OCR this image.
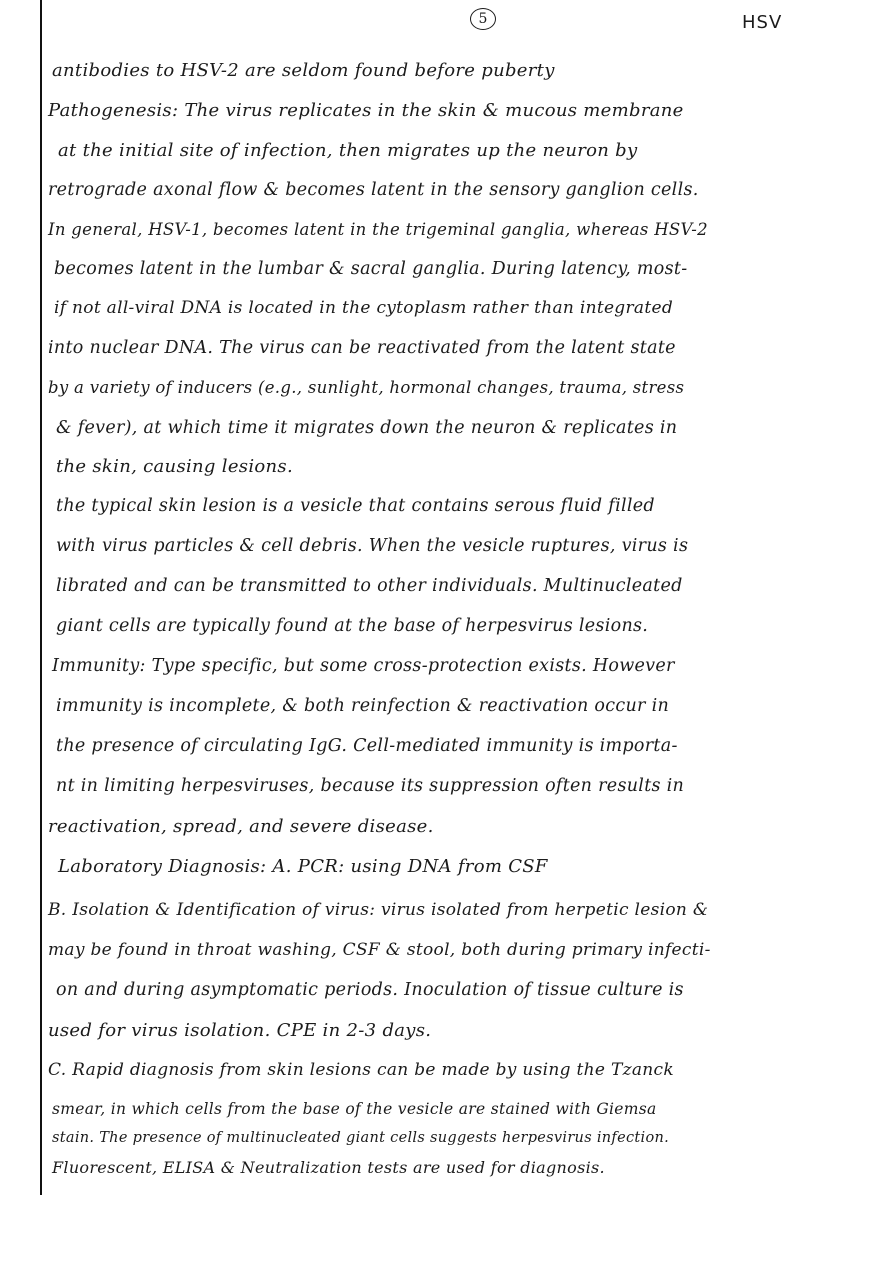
5	HSV
antibodies to HSV-2 are seldom found before puberty
Pathogenesis: The virus replicates in the skin & mucous membrane
at the initial site of infection, then migrates up the neuron by
retrograde axonal flow & becomes latent in the sensory ganglion cells.
In general, HSV-1, becomes latent in the trigeminal ganglia, whereas HSV-2
becomes latent in the lumbar & sacral ganglia. During latency, most-
if not all-viral DNA is located in the cytoplasm rather than integrated
into nuclear DNA. The virus can be reactivated from the latent state
by a variety of inducers (e.g., sunlight, hormonal changes, trauma, stress
& fever), at which time it migrates down the neuron & replicates in
the skin, causing lesions.
the typical skin lesion is a vesicle that contains serous fluid filled
with virus particles & cell debris. When the vesicle ruptures, virus is
librated and can be transmitted to other individuals. Multinucleated
giant cells are typically found at the base of herpesvirus lesions.
Immunity: Type specific, but some cross-protection exists. However
immunity is incomplete, & both reinfection & reactivation occur in
the presence of circulating IgG. Cell-mediated immunity is importa-
nt in limiting herpesviruses, because its suppression often results in
reactivation, spread, and severe disease.
Laboratory Diagnosis: A. PCR: using DNA from CSF
B. Isolation & Identification of virus: virus isolated from herpetic lesion &
may be found in throat washing, CSF & stool, both during primary infecti-
on and during asymptomatic periods. Inoculation of tissue culture is
used for virus isolation. CPE in 2-3 days.
C. Rapid diagnosis from skin lesions can be made by using the Tzanck
smear, in which cells from the base of the vesicle are stained with Giemsa
stain. The presence of multinucleated giant cells suggests herpesvirus infection.
Fluorescent, ELISA & Neutralization tests are used for diagnosis.
